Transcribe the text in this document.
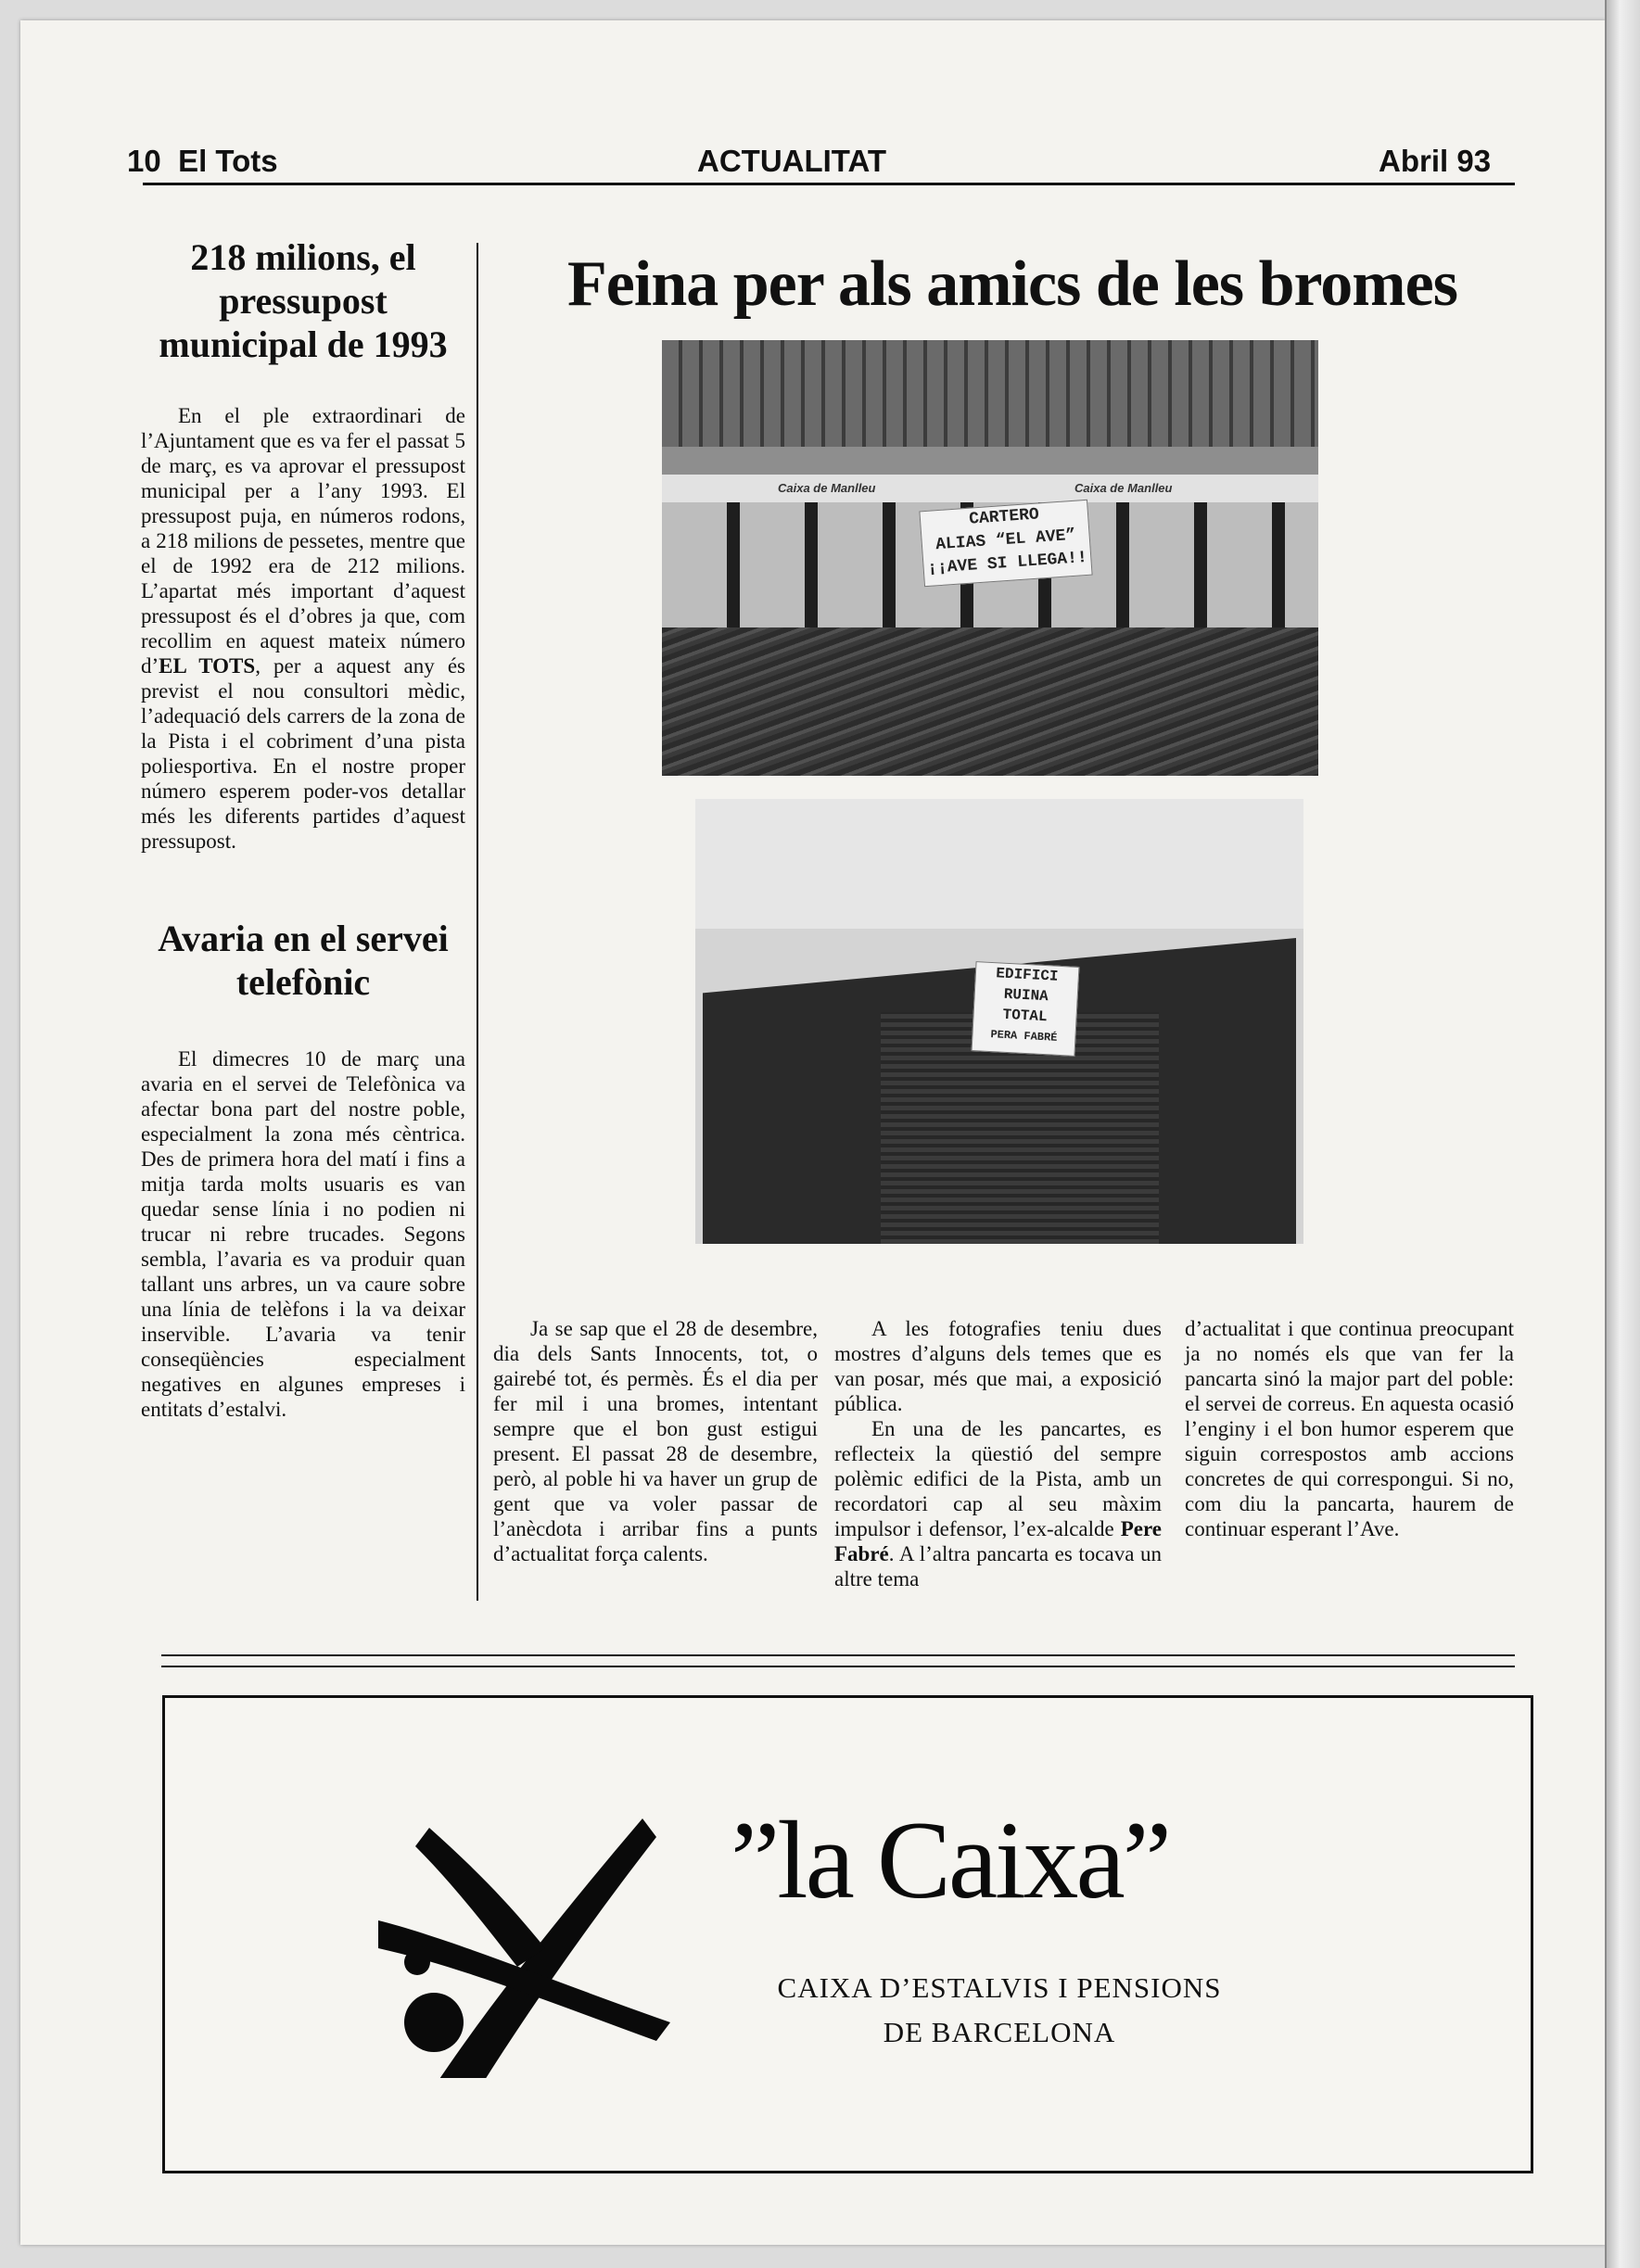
10 El Tots	ACTUALITAT	Abril 93
218 milions, el pressupost municipal de 1993

En el ple extraordinari de l’Ajuntament que es va fer el passat 5 de març, es va aprovar el pressupost municipal per a l’any 1993. El pressupost puja, en números rodons, a 218 milions de pessetes, mentre que el de 1992 era de 212 milions. L’apartat més important d’aquest pressupost és el d’obres ja que, com recollim en aquest mateix número d’EL TOTS, per a aquest any és previst el nou consultori mèdic, l’adequació dels carrers de la zona de la Pista i el cobriment d’una pista poliesportiva. En el nostre proper número esperem poder-vos detallar més les diferents partides d’aquest pressupost.

Avaria en el servei telefònic

El dimecres 10 de març una avaria en el servei de Telefònica va afectar bona part del nostre poble, especialment la zona més cèntrica. Des de primera hora del matí i fins a mitja tarda molts usuaris es van quedar sense línia i no podien ni trucar ni rebre trucades. Segons sembla, l’avaria es va produir quan tallant uns arbres, un va caure sobre una línia de telèfons i la va deixar inservible. L’avaria va tenir conseqüències especialment negatives en algunes empreses i entitats d’estalvi.

Feina per als amics de les bromes
Caixa de Manlleu	Caixa de Manlleu
CARTERO
ALIAS “EL AVE”
¡¡AVE SI LLEGA!!
EDIFICI
RUINA
TOTAL
PERA FABRÉ

Ja se sap que el 28 de desembre, dia dels Sants Innocents, tot, o gairebé tot, és permès. És el dia per fer mil i una bromes, intentant sempre que el bon gust estigui present. El passat 28 de desembre, però, al poble hi va haver un grup de gent que va voler passar de l’anècdota i arribar fins a punts d’actualitat força calents.

A les fotografies teniu dues mostres d’alguns dels temes que es van posar, més que mai, a exposició pública.

En una de les pancartes, es reflecteix la qüestió del sempre polèmic edifici de la Pista, amb un recordatori cap al seu màxim impulsor i defensor, l’ex-alcalde Pere Fabré. A l’altra pancarta es tocava un altre tema

d’actualitat i que continua preocupant ja no només els que van fer la pancarta sinó la major part del poble: el servei de correus. En aquesta ocasió l’enginy i el bon humor esperem que siguin correspostos amb accions concretes de qui correspongui. Si no, com diu la pancarta, haurem de continuar esperant l’Ave.

”la Caixa”
CAIXA D’ESTALVIS I PENSIONS
DE BARCELONA
